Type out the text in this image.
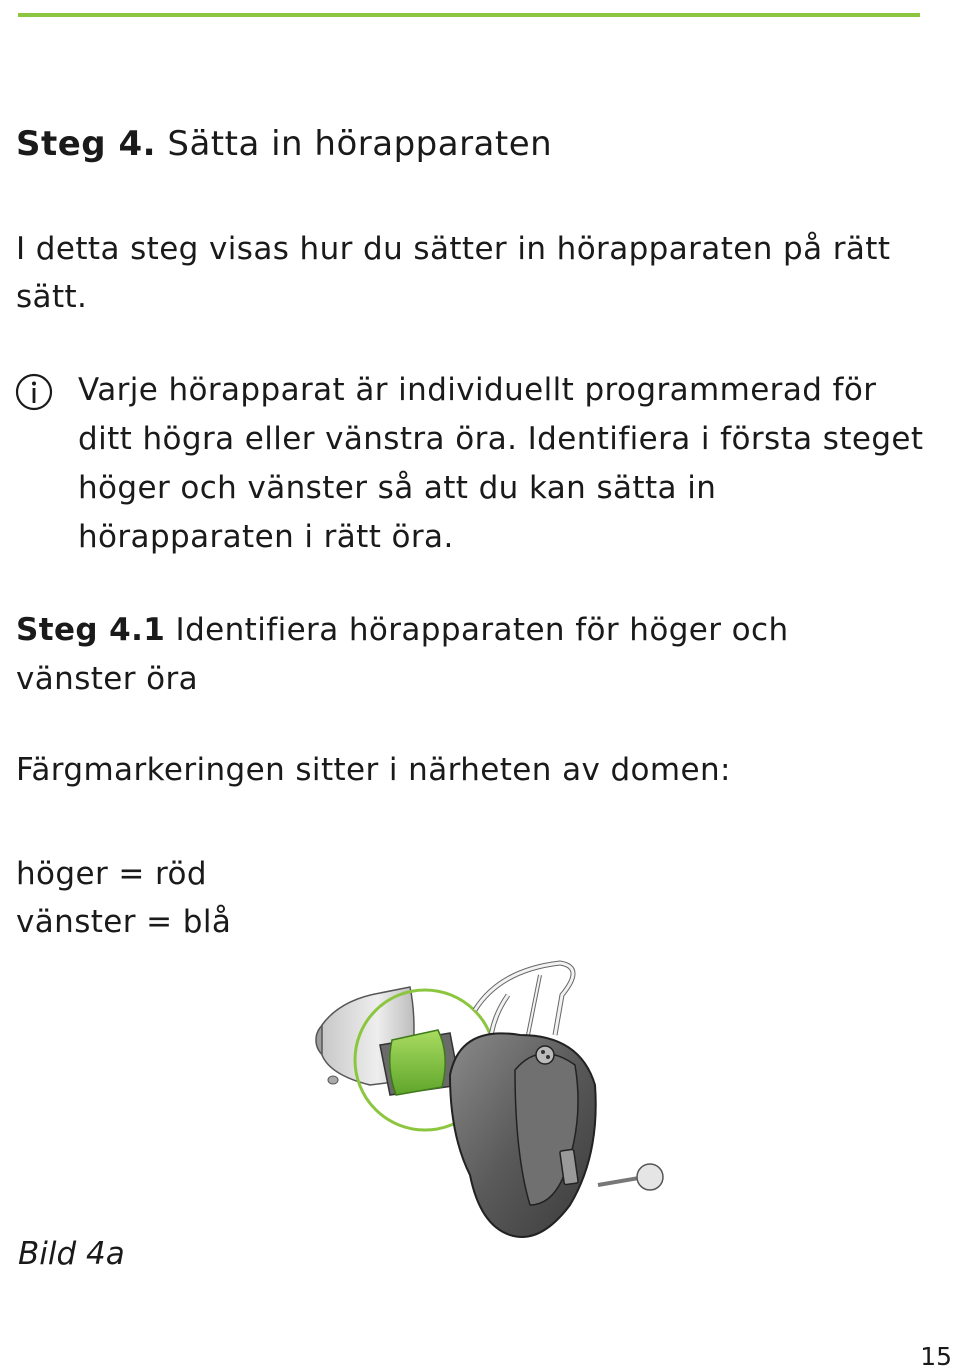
Steg 4. Sätta in hörapparaten

I detta steg visas hur du sätter in hörapparaten på rätt sätt.

Varje hörapparat är individuellt programmerad för ditt högra eller vänstra öra. Identifiera i första steget höger och vänster så att du kan sätta in hörapparaten i rätt öra.

Steg 4.1 Identifiera hörapparaten för höger och vänster öra

Färgmarkeringen sitter i närheten av domen:

höger = röd
vänster = blå
Bild 4a
15
